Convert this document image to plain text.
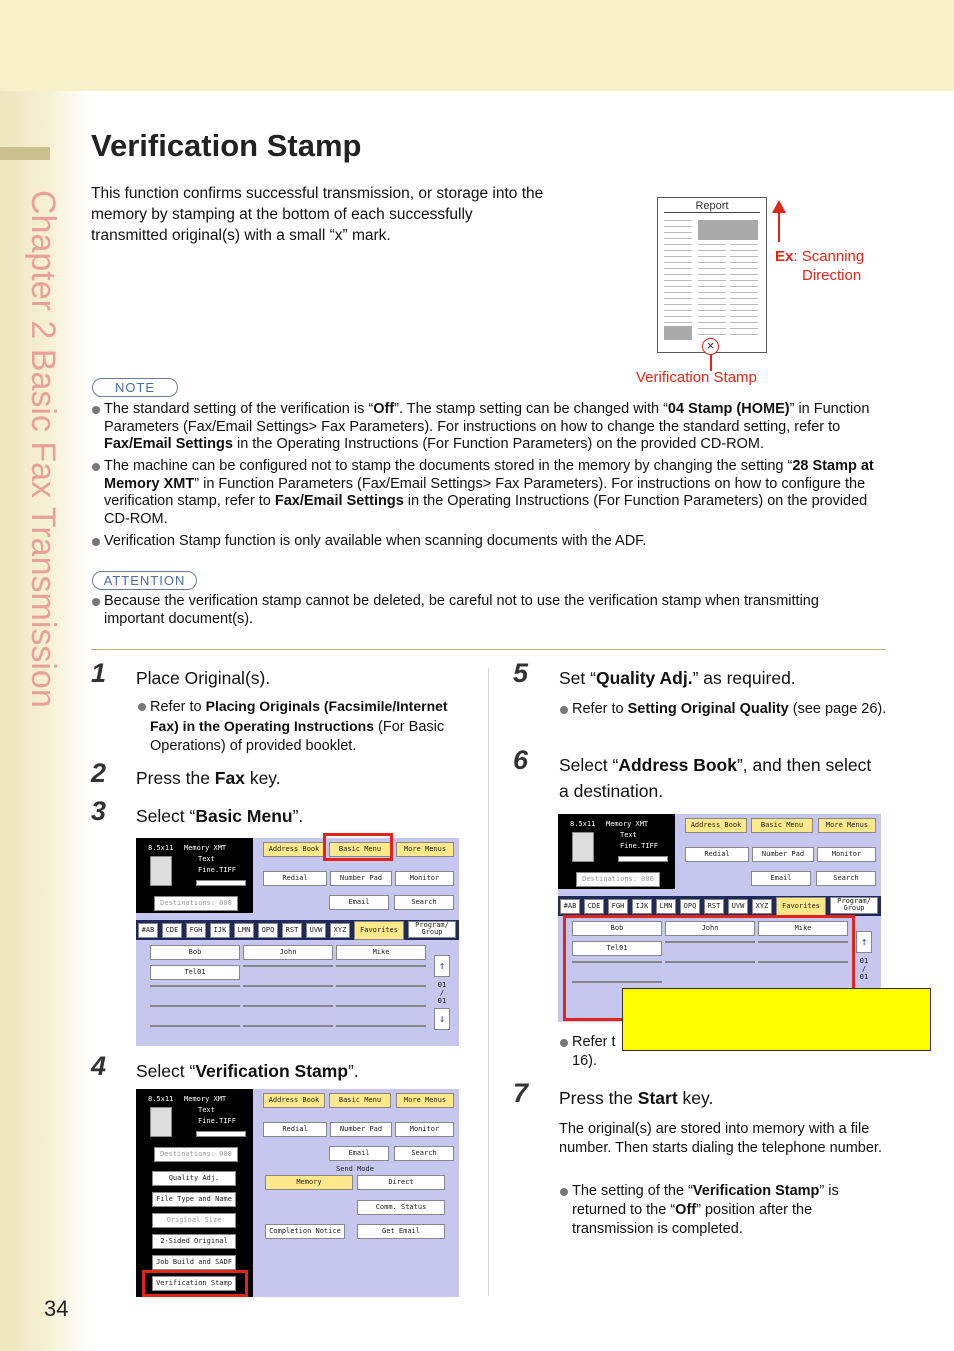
Chapter 2 Basic Fax Transmission
34
Verification Stamp
This function confirms successful transmission, or storage into the memory by stamping at the bottom of each successfully transmitted original(s) with a small “x” mark.
Report
×
Verification Stamp
Ex: Scanning
Direction
NOTE
The standard setting of the verification is “Off”. The stamp setting can be changed with “04 Stamp (HOME)” in Function Parameters (Fax/Email Settings> Fax Parameters). For instructions on how to change the standard setting, refer to Fax/Email Settings in the Operating Instructions (For Function Parameters) on the provided CD-ROM.
The machine can be configured not to stamp the documents stored in the memory by changing the setting “28 Stamp at Memory XMT” in Function Parameters (Fax/Email Settings> Fax Parameters). For instructions on how to configure the verification stamp, refer to Fax/Email Settings in the Operating Instructions (For Function Parameters) on the provided CD-ROM.
Verification Stamp function is only available when scanning documents with the ADF.
ATTENTION
Because the verification stamp cannot be deleted, be careful not to use the verification stamp when transmitting important document(s).
1 Place Original(s).
Refer to Placing Originals (Facsimile/Internet Fax) in the Operating Instructions (For Basic Operations) of provided booklet.
2 Press the Fax key.
3 Select “Basic Menu”.
8.5x11 Memory XMT
Text
Fine.TIFF
Destinations: 000
Address Book	Basic Menu	More Menus
Redial	Number Pad	Monitor
Email	Search
#AB	CDE	FGH	IJK	LMN	OPQ	RST	UVW	XYZ	Favorites
Program/ Group
Bob	John	Mike
Tel01	↑
01 / 01
↓
4 Select “Verification Stamp”.
8.5x11 Memory XMT
Text
Fine.TIFF
Destinations: 000
Quality Adj.
File Type and Name
Original Size
2-Sided Original
Job Build and SADF
Verification Stamp
Address Book	Basic Menu	More Menus
Redial	Number Pad	Monitor
Email	Search
Send Mode
Memory	Direct
Comm. Status
Completion Notice	Get Email
5 Set “Quality Adj.” as required.
Refer to Setting Original Quality (see page 26).
6 Select “Address Book”, and then select a destination.
8.5x11 Memory XMT
Text
Fine.TIFF
Destinations: 000
Address Book	Basic Menu	More Menus
Redial	Number Pad	Monitor
Email	Search
#AB	CDE	FGH	IJK	LMN	OPQ	RST	UVW	XYZ	Favorites
Program/ Group
Bob	John	Mike
Tel01	↑
01 / 01
Refer t
16).
7 Press the Start key.
The original(s) are stored into memory with a file number. Then starts dialing the telephone number.
The setting of the “Verification Stamp” is returned to the “Off” position after the transmission is completed.
